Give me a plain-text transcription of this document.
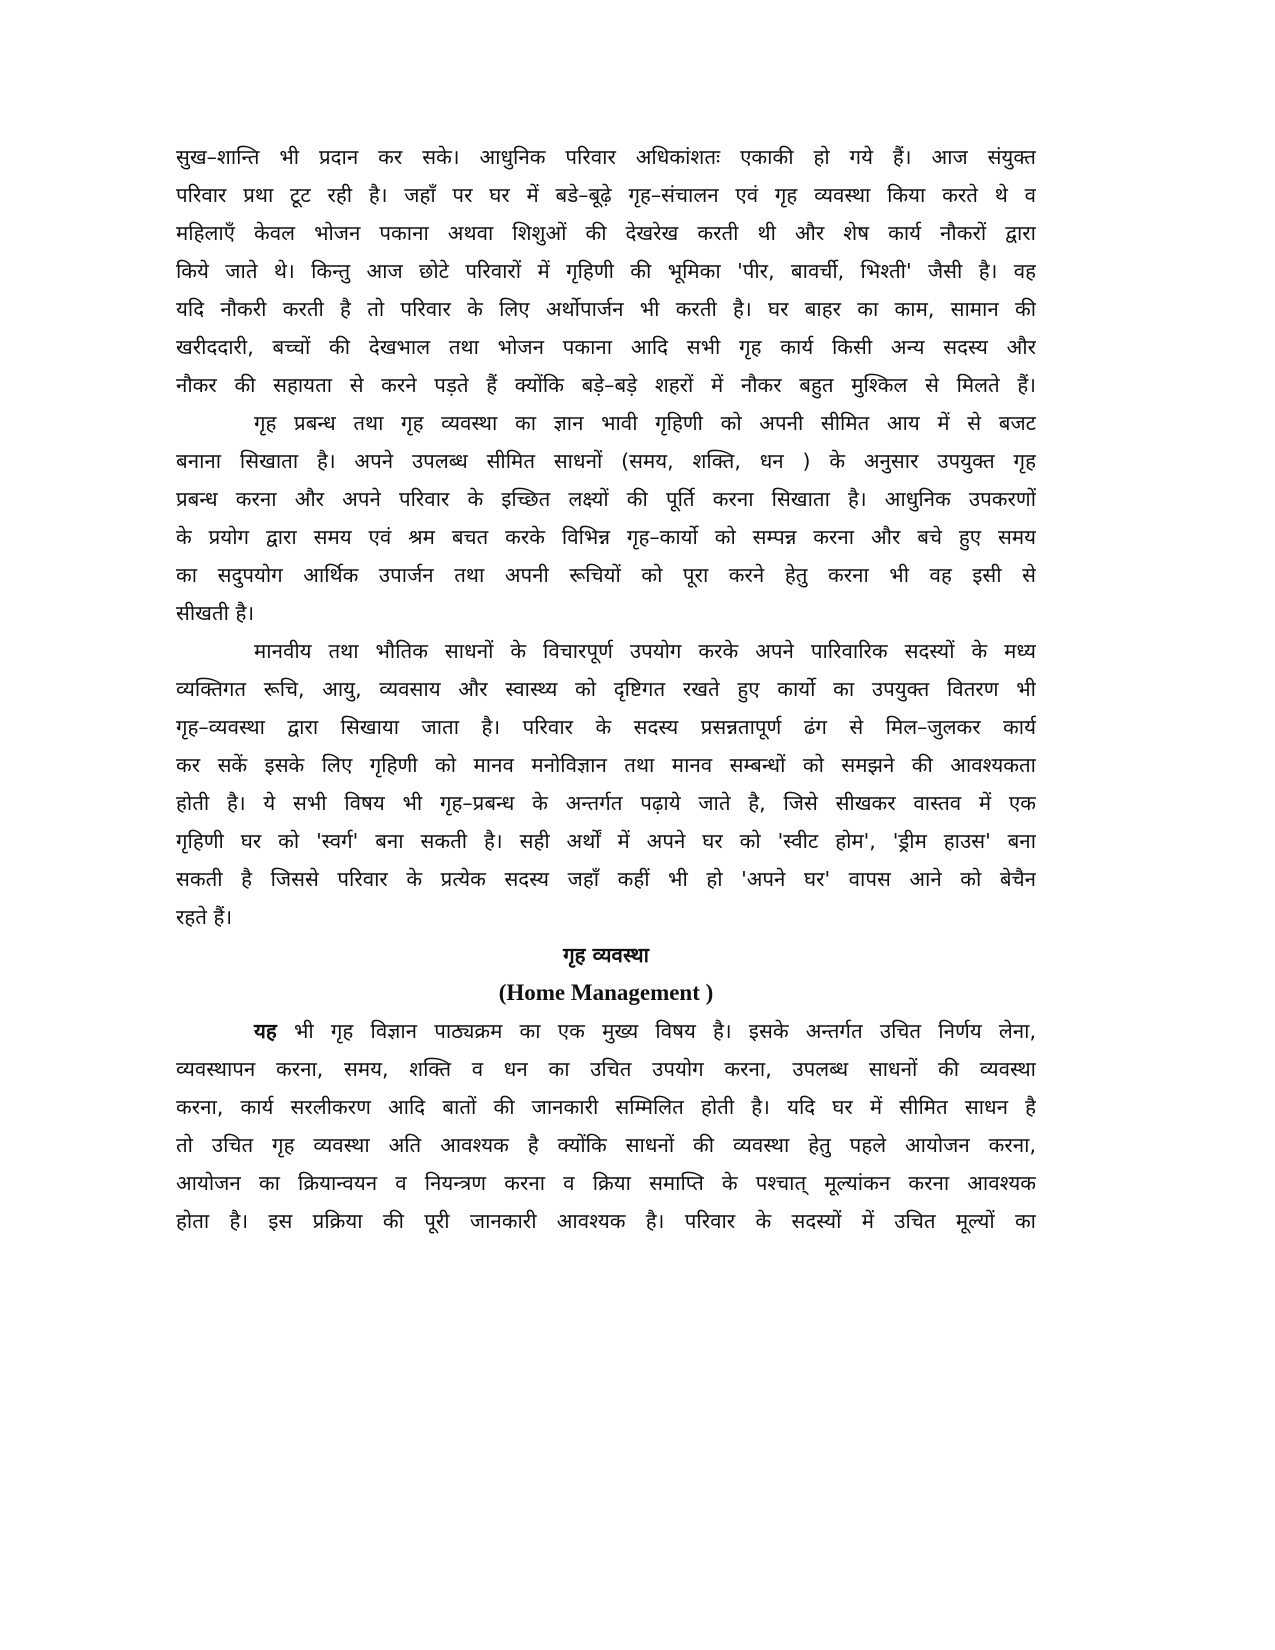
सुख–शान्ति भी प्रदान कर सके। आधुनिक परिवार अधिकांशतः एकाकी हो गये हैं। आज संयुक्त
परिवार प्रथा टूट रही है। जहाँ पर घर में बडे–बूढ़े गृह–संचालन एवं गृह व्यवस्था किया करते थे व
महिलाएँ केवल भोजन पकाना अथवा शिशुओं की देखरेख करती थी और शेष कार्य नौकरों द्वारा
किये जाते थे। किन्तु आज छोटे परिवारों में गृहिणी की भूमिका 'पीर, बावर्ची, भिश्ती' जैसी है। वह
यदि नौकरी करती है तो परिवार के लिए अर्थोपार्जन भी करती है। घर बाहर का काम, सामान की
खरीददारी, बच्चों की देखभाल तथा भोजन पकाना आदि सभी गृह कार्य किसी अन्य सदस्य और
नौकर की सहायता से करने पड़ते हैं क्योंकि बड़े–बड़े शहरों में नौकर बहुत मुश्किल से मिलते हैं।
गृह प्रबन्ध तथा गृह व्यवस्था का ज्ञान भावी गृहिणी को अपनी सीमित आय में से बजट
बनाना सिखाता है। अपने उपलब्ध सीमित साधनों (समय, शक्ति, धन ) के अनुसार उपयुक्त गृह
प्रबन्ध करना और अपने परिवार के इच्छित लक्ष्यों की पूर्ति करना सिखाता है। आधुनिक उपकरणों
के प्रयोग द्वारा समय एवं श्रम बचत करके विभिन्न गृह–कार्यो को सम्पन्न करना और बचे हुए समय
का सदुपयोग आर्थिक उपार्जन तथा अपनी रूचियों को पूरा करने हेतु करना भी वह इसी से
सीखती है।
मानवीय तथा भौतिक साधनों के विचारपूर्ण उपयोग करके अपने पारिवारिक सदस्यों के मध्य
व्यक्तिगत रूचि, आयु, व्यवसाय और स्वास्थ्य को दृष्टिगत रखते हुए कार्यो का उपयुक्त वितरण भी
गृह–व्यवस्था द्वारा सिखाया जाता है। परिवार के सदस्य प्रसन्नतापूर्ण ढंग से मिल–जुलकर कार्य
कर सकें इसके लिए गृहिणी को मानव मनोविज्ञान तथा मानव सम्बन्धों को समझने की आवश्यकता
होती है। ये सभी विषय भी गृह–प्रबन्ध के अन्तर्गत पढ़ाये जाते है, जिसे सीखकर वास्तव में एक
गृहिणी घर को 'स्वर्ग' बना सकती है। सही अर्थों में अपने घर को 'स्वीट होम', 'ड्रीम हाउस' बना
सकती है जिससे परिवार के प्रत्येक सदस्य जहाँ कहीं भी हो 'अपने घर' वापस आने को बेचैन
रहते हैं।
गृह व्यवस्था
(Home Management )
यह भी गृह विज्ञान पाठ्यक्रम का एक मुख्य विषय है। इसके अन्तर्गत उचित निर्णय लेना,
व्यवस्थापन करना, समय, शक्ति व धन का उचित उपयोग करना, उपलब्ध साधनों की व्यवस्था
करना, कार्य सरलीकरण आदि बातों की जानकारी सम्मिलित होती है। यदि घर में सीमित साधन है
तो उचित गृह व्यवस्था अति आवश्यक है क्योंकि साधनों की व्यवस्था हेतु पहले आयोजन करना,
आयोजन का क्रियान्वयन व नियन्त्रण करना व क्रिया समाप्ति के पश्चात् मूल्यांकन करना आवश्यक
होता है। इस प्रक्रिया की पूरी जानकारी आवश्यक है। परिवार के सदस्यों में उचित मूल्यों का
